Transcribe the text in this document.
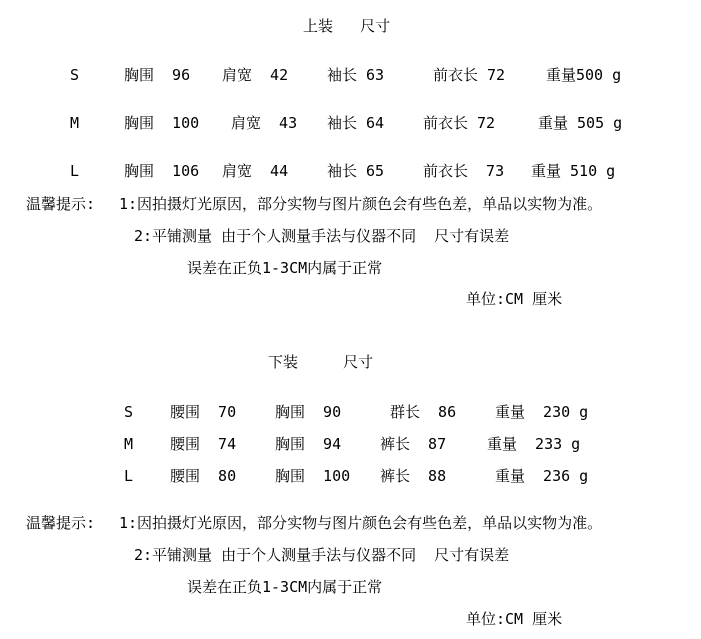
上装   尺寸
S	胸围  96 肩宽  42	袖长 63	前衣长 72	重量500 g
M	胸围  100 肩宽  43 袖长 64	前衣长 72	重量 505 g
L	胸围  106 肩宽  44	袖长 65	前衣长  73 重量 510 g
温馨提示: 1:因拍摄灯光原因，部分实物与图片颜色会有些色差，单品以实物为准。
2:平铺测量 由于个人测量手法与仪器不同  尺寸有误差
误差在正负1-3CM内属于正常
单位:CM 厘米
下装     尺寸
S 腰围  70	胸围  90	群长  86	重量  230 g
M 腰围  74	胸围  94	裤长  87	重量  233 g
L 腰围  80	胸围  100 裤长  88	重量  236 g
温馨提示: 1:因拍摄灯光原因，部分实物与图片颜色会有些色差，单品以实物为准。
2:平铺测量 由于个人测量手法与仪器不同  尺寸有误差
误差在正负1-3CM内属于正常
单位:CM 厘米
